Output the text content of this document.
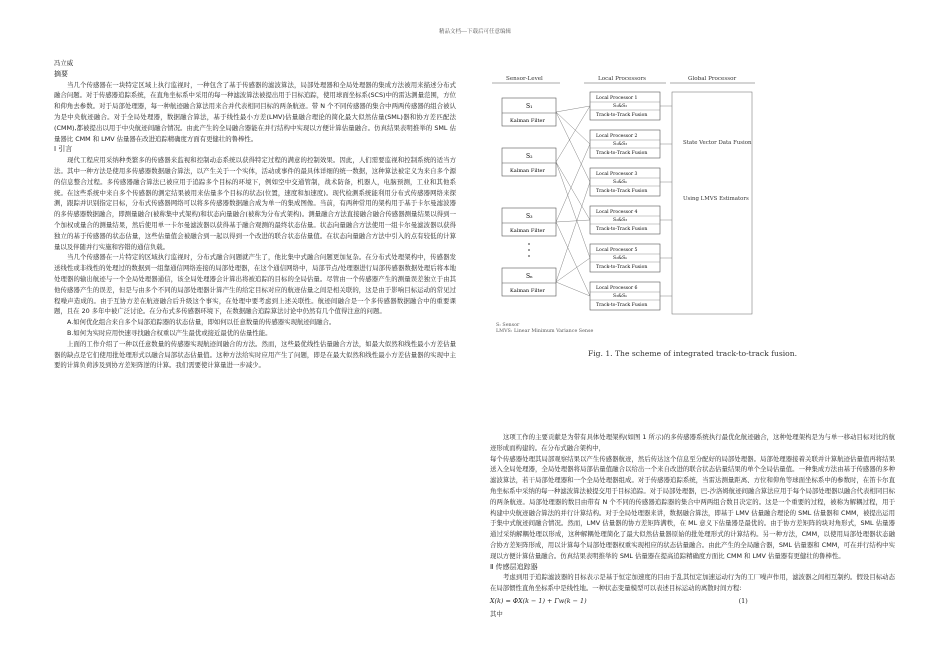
精品文档---下载后可任意编辑

冯立威

摘要

当几个传感器在一块特定区域上执行监视时，一种包含了基于传感器的滤波算法，局部处理器和全局处理器的集成方法被用来描述分布式融合问题。对于传感器追踪系统，在直角坐标系中采用的每一种滤波算法被提出用于目标追踪，使用球面坐标系(SCS)中的雷达测量范围，方位和仰角去参数。对于局部处理器，每一种航迹融合算法用来合并代表相同目标的两条航迹。带 N 个不同传感器的集合中两两传感器的组合被认为是中央航迹融合。对于全局处理器，数据融合算法，基于线性最小方差(LMV)估量融合理论的简化最大似然估量(SML)器和协方差匹配法(CMM),都被提出以用于中央航迹间融合情况。由此产生的全局融合器能在并行结构中实现以方便计算估量融合。仿真结果表明推举的 SML 估量器比 CMM 和 LMV 估量器在改进追踪精确度方面有更健壮的鲁棒性。

Ⅰ 引言

现代工程应用采纳种类繁多的传感器来监视和控制动态系统以获得特定过程的满意的控制效果。因此，人们需要监视和控制系统的适当方法。其中一种方法是使用多传感器数据融合算法，以产生关于一个实体，活动或事件的最具体详细的统一数据，这种算法被定义为来自多个源的信息整合过程。多传感器融合算法已被应用于追踪多个目标的环境下，例如空中交通管制，战术防备，机器人，电脑预测，工业和其他系统。在这些系统中来自多个传感器的测定结果被用来估量多个目标的状态(位置，速度和加速度)。现代检测系统能利用分布式传感器网络来探测，跟踪并识别指定目标，分布式传感器网络可以将多传感器数据融合成为单一的集成图像。当前，有两种常用的架构用于基于卡尔曼滤波器的多传感器数据融合，即测量融合(被称集中式架构)和状态向量融合(被称为分布式架构)。测量融合方法直接融合融合传感器测量结果以得到一个加权或量合的测量结果，然后使用单一卡尔曼滤波器以获得基于融合观测的最终状态估量。状态向量融合方法使用一组卡尔曼滤波器以获得独立的基于传感器的状态估量，这些估量值会被融合到一起以得到一个改进的联合状态估量值。在状态向量融合方法中引入的点有较低的计算量以及伴随并行实施和容错的通信负载。

当几个传感器在一片特定的区域执行监视时，分布式融合问题就产生了，他比集中式融合问题更加复杂。在分布式处理架构中，传感器发送线性或非线性的处理过的数据到一组靠通信网络连接的局部处理器，在这个通信网络中，局部节点/处理器进行局部传感器数据处理后将本地处理器的输出航迹与一个全局处理器通信，该全局处理器会计算出将被追踪的目标的全局估量。尽管由一个传感器产生的测量误差独立于由其他传感器产生的误差，但是与由多个不同的局部处理器计算产生的给定目标对应的航迹估量之间是相关联的，这是由于影响目标运动的常见过程噪声造成的。由于互协方差在航迹融合后升级这个事实，在处理中要考虑到上述关联性。航迹间融合是一个多传感器数据融合中的重要课题，且在 20 多年中被广泛讨论。在分布式多传感器环境下，在数据融合追踪算法讨论中仍然有几个值得注意的问题。

A.如何优化组合来自多个局部追踪器的状态估量，即如何以任意数量的传感器实现航迹间融合。

B.如何为实时应用快速寻找融合权重以产生最优或接近最优的估量性能。

上面的工作介绍了一种以任意数量的传感器实现航迹间融合的方法。然而，这些最优线性估量融合方法，如最大似然和线性最小方差估量器的缺点是它们使用批处理形式以融合局部状态估量值。这种方法给实时应用产生了问题，即是在最大似然和线性最小方差估量器的实现中主要的计算负荷涉及到协方差矩阵逆的计算。我们需要使计算量进一步减少。

Sensor-Level	Local Processors	Global Processor
S₁
Kalman Filter
S₂
Kalman Filter
S₃
Kalman Filter
Sₙ
Kalman Filter
Local Processor 1
S₁&S₂
Track-to-Track Fusion
Local Processor 2
S₁&S₃
Track-to-Track Fusion
Local Processor 3
S₁&Sₙ
Track-to-Track Fusion
Local Processor 4
S₂&S₃
Track-to-Track Fusion
Local Processor 5
S₂&Sₙ
Track-to-Track Fusion
Local Processor 6
S₃&Sₙ
Track-to-Track Fusion
State Vector Data Fusion
Using LMVS Estimators
S: Sensor
LMVS: Linear Minimum Variance Sense
Fig. 1. The scheme of integrated track-to-track fusion.

这项工作的主要贡献是为带有具体处理架构(如图 1 所示)的多传感器系统执行最优化航迹融合，这种处理架构是为与单一移动目标对比的航迹形成而构建的。在分布式融合架构中，

每个传感器处理其局部观察结果以产生传感器航迹，然后传达这个信息至分配好的局部处理器。局部处理器接着关联并计算航迹估量值再将结果送入全局处理器，全局处理器将局部估量值融合以给出一个来自改进的联合状态估量结果的单个全局估量值。一种集成方法由基于传感器的多种滤波算法，若干局部处理器和一个全局处理器组成。对于传感器追踪系统，当雷达测量距离、方位和仰角等球面坐标系中的参数时，在笛卡尔直角坐标系中采纳的每一种滤波算法被提交用于目标追踪。对于局部处理器，巴-沙洛姆航迹间融合算法应用于每个局部处理器以融合代表相同目标的两条航迹。局部处理器的数目由带有 N 个不同的传感器追踪器的集合中两两组合数目决定的。这是一个重要的过程，被称为解耦过程，用于构建中央航迹融合算法的并行计算结构。对于全局处理器来讲，数据融合算法，即基于 LMV 估量融合理论的 SML 估量器和 CMM，被提出运用于集中式航迹间融合情况。然而，LMV 估量器的协方差矩阵满秩，在 ML 意义下估量器是最优的。由于协方差矩阵的块对角形式，SML 估量器通过采纳解耦处理以形成，这种解耦处理简化了最大似然估量器原始的批处理形式的计算结构。另一种方法，CMM，以使用局部处理器状态融合协方差矩阵形成，用以计算每个局部处理器权重实现相应的状态估量融合。由此产生的全局融合器，SML 估量器和 CMM，可在并行结构中实现以方便计算估量融合。仿真结果表明推举的 SML 估量器在提高追踪精确度方面比 CMM 和 LMV 估量器有更健壮的鲁棒性。

Ⅱ 传感层追踪器

考虑到用于追踪滤波器的目标表示是基于恒定加速度的目由于乱其恒定加速运动行为的工厂噪声作用，滤波器之间相互制约。假设目标动态在局部惯性直角坐标系中是线性地。一种状态变量模型可以表述目标运动的离散时间方程:

X(k) = ΦX(k − 1) + Γw(k − 1)	(1)

其中
